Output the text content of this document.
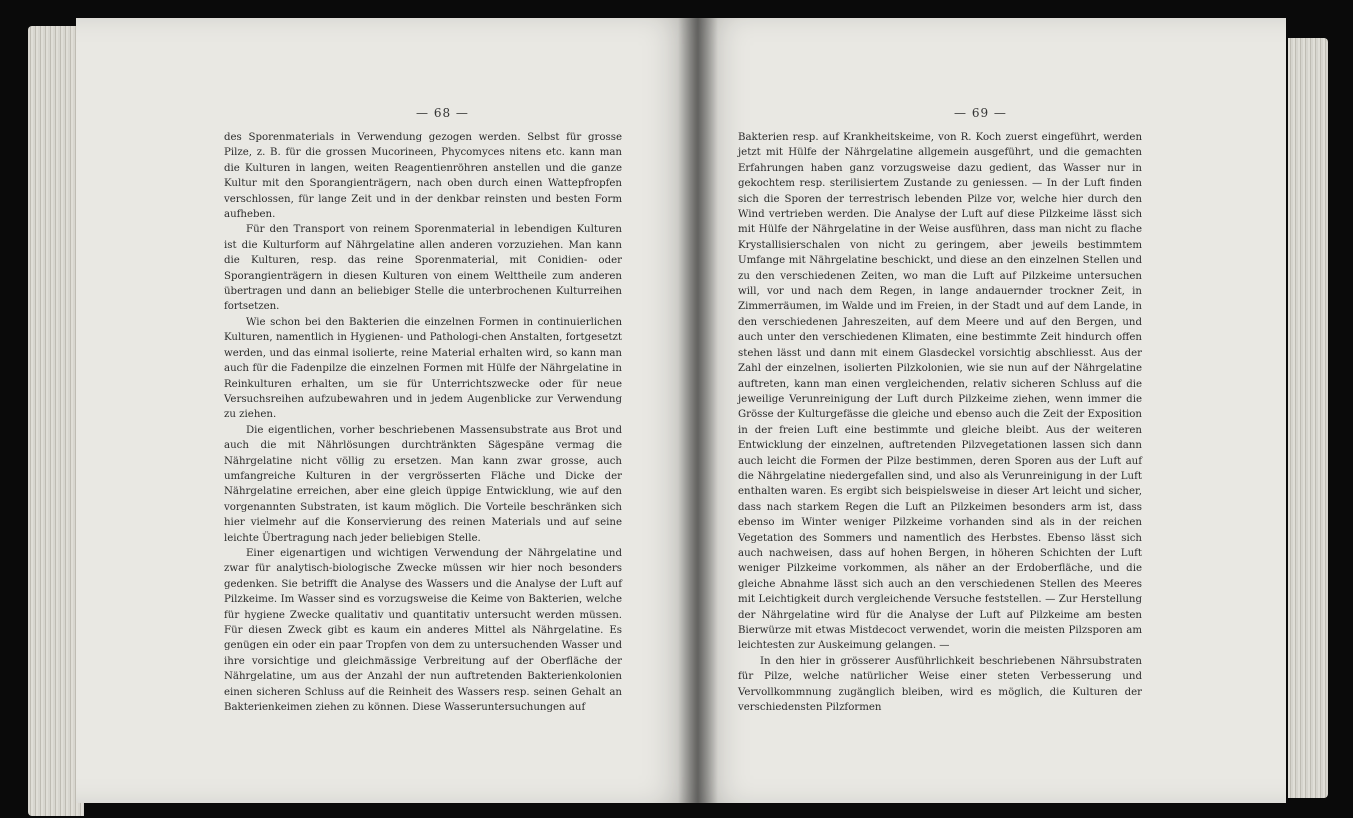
— 68 —

des Sporenmaterials in Verwendung gezogen werden. Selbst für grosse Pilze, z. B. für die grossen Mucorineen, Phycomyces nitens etc. kann man die Kulturen in langen, weiten Reagentienröhren anstellen und die ganze Kultur mit den Sporangienträgern, nach oben durch einen Wattepfropfen verschlossen, für lange Zeit und in der denkbar reinsten und besten Form aufheben.

Für den Transport von reinem Sporenmaterial in lebendigen Kulturen ist die Kulturform auf Nährgelatine allen anderen vorzuziehen. Man kann die Kulturen, resp. das reine Sporenmaterial, mit Conidien- oder Sporangienträgern in diesen Kulturen von einem Welttheile zum anderen übertragen und dann an beliebiger Stelle die unterbrochenen Kulturreihen fortsetzen.

Wie schon bei den Bakterien die einzelnen Formen in continuierlichen Kulturen, namentlich in Hygienen- und Pathologi-chen Anstalten, fortgesetzt werden, und das einmal isolierte, reine Material erhalten wird, so kann man auch für die Fadenpilze die einzelnen Formen mit Hülfe der Nährgelatine in Reinkulturen erhalten, um sie für Unterrichtszwecke oder für neue Versuchsreihen aufzubewahren und in jedem Augenblicke zur Verwendung zu ziehen.

Die eigentlichen, vorher beschriebenen Massensubstrate aus Brot und auch die mit Nährlösungen durchtränkten Sägespäne vermag die Nährgelatine nicht völlig zu ersetzen. Man kann zwar grosse, auch umfangreiche Kulturen in der vergrösserten Fläche und Dicke der Nährgelatine erreichen, aber eine gleich üppige Entwicklung, wie auf den vorgenannten Substraten, ist kaum möglich. Die Vorteile beschränken sich hier vielmehr auf die Konservierung des reinen Materials und auf seine leichte Übertragung nach jeder beliebigen Stelle.

Einer eigenartigen und wichtigen Verwendung der Nährgelatine und zwar für analytisch-biologische Zwecke müssen wir hier noch besonders gedenken. Sie betrifft die Analyse des Wassers und die Analyse der Luft auf Pilzkeime. Im Wasser sind es vorzugsweise die Keime von Bakterien, welche für hygiene Zwecke qualitativ und quantitativ untersucht werden müssen. Für diesen Zweck gibt es kaum ein anderes Mittel als Nährgelatine. Es genügen ein oder ein paar Tropfen von dem zu untersuchenden Wasser und ihre vorsichtige und gleichmässige Verbreitung auf der Oberfläche der Nährgelatine, um aus der Anzahl der nun auftretenden Bakterienkolonien einen sicheren Schluss auf die Reinheit des Wassers resp. seinen Gehalt an Bakterienkeimen ziehen zu können. Diese Wasseruntersuchungen auf

— 69 —

Bakterien resp. auf Krankheitskeime, von R. Koch zuerst eingeführt, werden jetzt mit Hülfe der Nährgelatine allgemein ausgeführt, und die gemachten Erfahrungen haben ganz vorzugsweise dazu gedient, das Wasser nur in gekochtem resp. sterilisiertem Zustande zu geniessen. — In der Luft finden sich die Sporen der terrestrisch lebenden Pilze vor, welche hier durch den Wind vertrieben werden. Die Analyse der Luft auf diese Pilzkeime lässt sich mit Hülfe der Nährgelatine in der Weise ausführen, dass man nicht zu flache Krystallisierschalen von nicht zu geringem, aber jeweils bestimmtem Umfange mit Nährgelatine beschickt, und diese an den einzelnen Stellen und zu den verschiedenen Zeiten, wo man die Luft auf Pilzkeime untersuchen will, vor und nach dem Regen, in lange andauernder trockner Zeit, in Zimmerräumen, im Walde und im Freien, in der Stadt und auf dem Lande, in den verschiedenen Jahreszeiten, auf dem Meere und auf den Bergen, und auch unter den verschiedenen Klimaten, eine bestimmte Zeit hindurch offen stehen lässt und dann mit einem Glasdeckel vorsichtig abschliesst. Aus der Zahl der einzelnen, isolierten Pilzkolonien, wie sie nun auf der Nährgelatine auftreten, kann man einen vergleichenden, relativ sicheren Schluss auf die jeweilige Verunreinigung der Luft durch Pilzkeime ziehen, wenn immer die Grösse der Kulturgefässe die gleiche und ebenso auch die Zeit der Exposition in der freien Luft eine bestimmte und gleiche bleibt. Aus der weiteren Entwicklung der einzelnen, auftretenden Pilzvegetationen lassen sich dann auch leicht die Formen der Pilze bestimmen, deren Sporen aus der Luft auf die Nährgelatine niedergefallen sind, und also als Verunreinigung in der Luft enthalten waren. Es ergibt sich beispielsweise in dieser Art leicht und sicher, dass nach starkem Regen die Luft an Pilzkeimen besonders arm ist, dass ebenso im Winter weniger Pilzkeime vorhanden sind als in der reichen Vegetation des Sommers und namentlich des Herbstes. Ebenso lässt sich auch nachweisen, dass auf hohen Bergen, in höheren Schichten der Luft weniger Pilzkeime vorkommen, als näher an der Erdoberfläche, und die gleiche Abnahme lässt sich auch an den verschiedenen Stellen des Meeres mit Leichtigkeit durch vergleichende Versuche feststellen. — Zur Herstellung der Nährgelatine wird für die Analyse der Luft auf Pilzkeime am besten Bierwürze mit etwas Mistdecoct verwendet, worin die meisten Pilzsporen am leichtesten zur Auskeimung gelangen. —

In den hier in grösserer Ausführlichkeit beschriebenen Nährsubstraten für Pilze, welche natürlicher Weise einer steten Verbesserung und Vervollkommnung zugänglich bleiben, wird es möglich, die Kulturen der verschiedensten Pilzformen
